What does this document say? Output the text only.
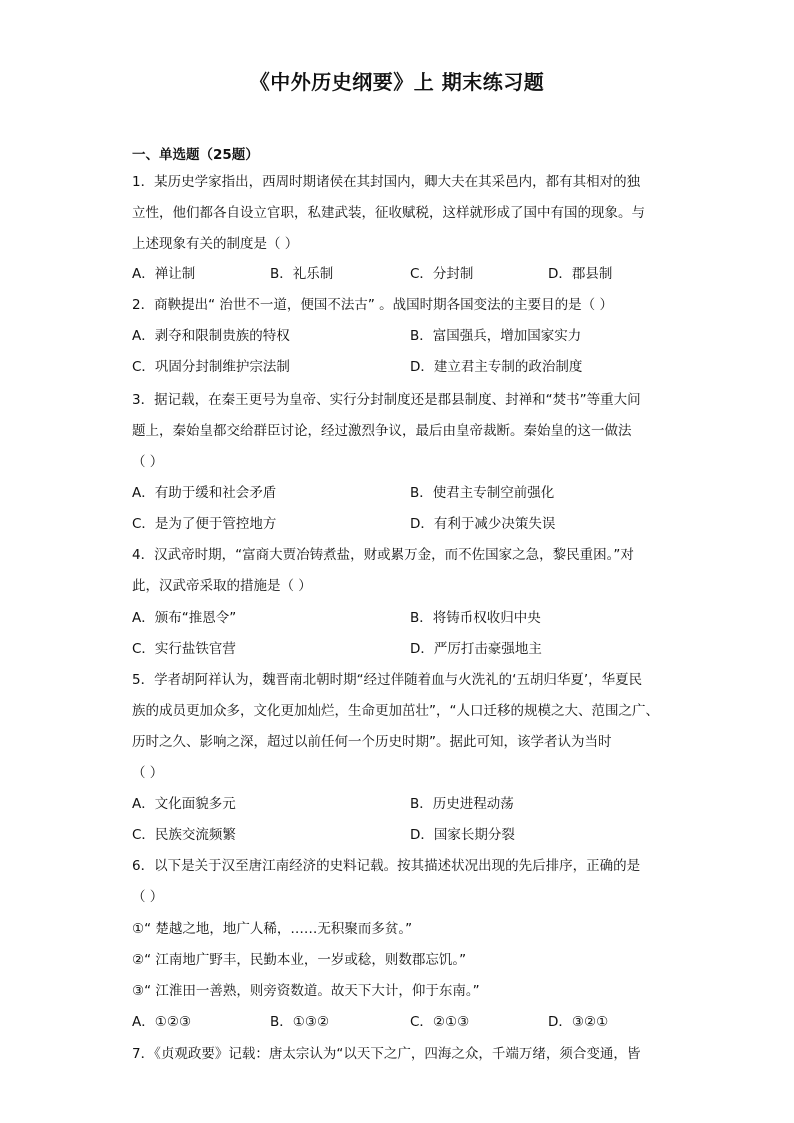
《中外历史纲要》上 期末练习题
一、单选题（25题）
1．某历史学家指出，西周时期诸侯在其封国内，卿大夫在其采邑内，都有其相对的独
立性，他们都各自设立官职，私建武装，征收赋税，这样就形成了国中有国的现象。与
上述现象有关的制度是（ ）
A．禅让制	B．礼乐制	C．分封制	D．郡县制
2．商鞅提出“ 治世不一道，便国不法古” 。战国时期各国变法的主要目的是（ ）
A．剥夺和限制贵族的特权	B．富国强兵，增加国家实力
C．巩固分封制维护宗法制	D．建立君主专制的政治制度
3．据记载，在秦王更号为皇帝、实行分封制度还是郡县制度、封禅和“焚书”等重大问
题上，秦始皇都交给群臣讨论，经过激烈争议，最后由皇帝裁断。秦始皇的这一做法
（ ）
A．有助于缓和社会矛盾	B．使君主专制空前强化
C．是为了便于管控地方	D．有利于减少决策失误
4．汉武帝时期，“富商大贾冶铸煮盐，财或累万金，而不佐国家之急，黎民重困。”对
此，汉武帝采取的措施是（ ）
A．颁布“推恩令”	B．将铸币权收归中央
C．实行盐铁官营	D．严厉打击豪强地主
5．学者胡阿祥认为，魏晋南北朝时期“经过伴随着血与火洗礼的‘五胡归华夏’，华夏民
族的成员更加众多，文化更加灿烂，生命更加茁壮”，“人口迁移的规模之大、范围之广、
历时之久、影响之深，超过以前任何一个历史时期”。据此可知，该学者认为当时
（ ）
A．文化面貌多元	B．历史进程动荡
C．民族交流频繁	D．国家长期分裂
6．以下是关于汉至唐江南经济的史料记载。按其描述状况出现的先后排序，正确的是
（ ）
①“ 楚越之地，地广人稀，……无积聚而多贫。”
②“ 江南地广野丰，民勤本业，一岁或稔，则数郡忘饥。”
③“ 江淮田一善熟，则旁资数道。故天下大计，仰于东南。”
A．①②③	B．①③②	C．②①③	D．③②①
7．《贞观政要》记载：唐太宗认为“以天下之广，四海之众，千端万绪，须合变通，皆
